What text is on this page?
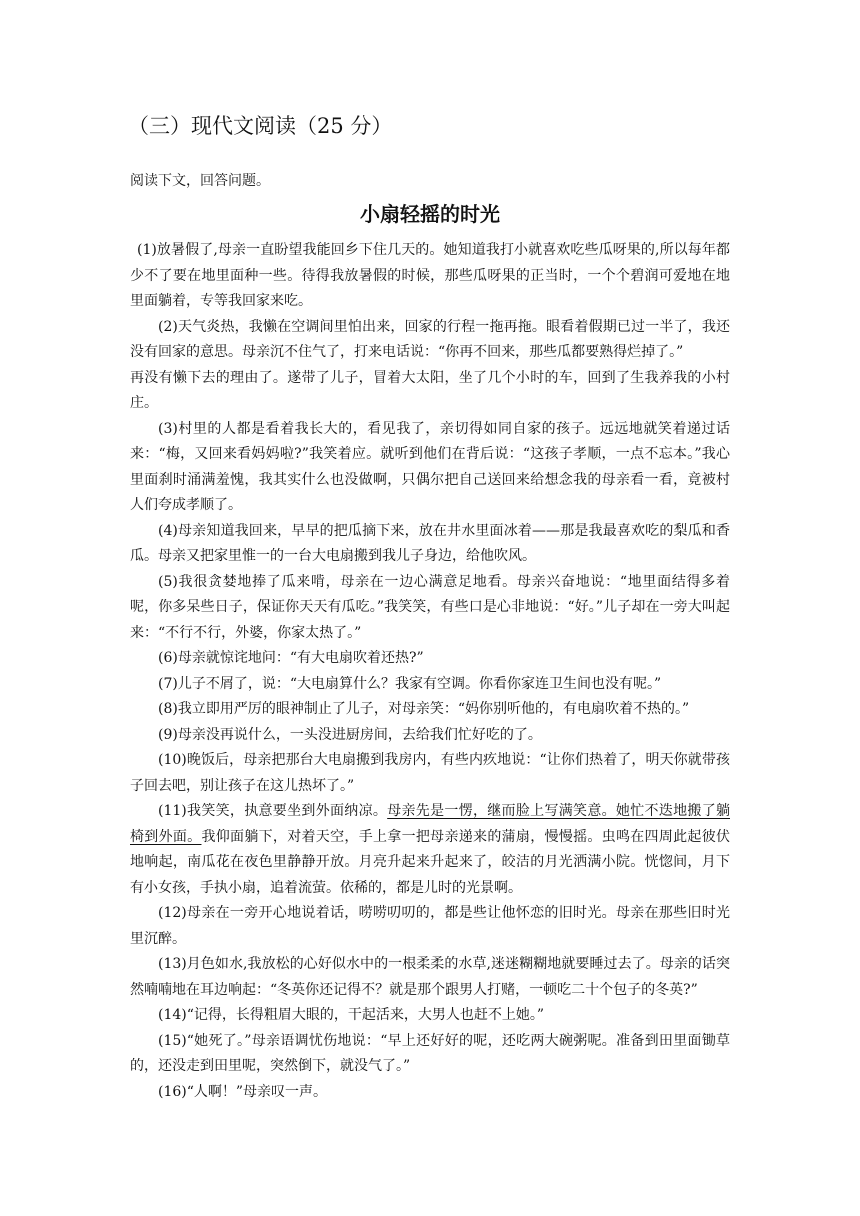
（三）现代文阅读（25 分）
阅读下文，回答问题。
小扇轻摇的时光

(1)放暑假了,母亲一直盼望我能回乡下住几天的。她知道我打小就喜欢吃些瓜呀果的,所以每年都少不了要在地里面种一些。待得我放暑假的时候，那些瓜呀果的正当时，一个个碧润可爱地在地里面躺着，专等我回家来吃。

(2)天气炎热，我懒在空调间里怕出来，回家的行程一拖再拖。眼看着假期已过一半了，我还没有回家的意思。母亲沉不住气了，打来电话说：“你再不回来，那些瓜都要熟得烂掉了。”

再没有懒下去的理由了。遂带了儿子，冒着大太阳，坐了几个小时的车，回到了生我养我的小村庄。

(3)村里的人都是看着我长大的，看见我了，亲切得如同自家的孩子。远远地就笑着递过话来：“梅，又回来看妈妈啦?”我笑着应。就听到他们在背后说：“这孩子孝顺，一点不忘本。”我心里面刹时涌满羞愧，我其实什么也没做啊，只偶尔把自己送回来给想念我的母亲看一看，竟被村人们夸成孝顺了。

(4)母亲知道我回来，早早的把瓜摘下来，放在井水里面冰着——那是我最喜欢吃的梨瓜和香瓜。母亲又把家里惟一的一台大电扇搬到我儿子身边，给他吹风。

(5)我很贪婪地捧了瓜来啃，母亲在一边心满意足地看。母亲兴奋地说：“地里面结得多着呢，你多呆些日子，保证你天天有瓜吃。”我笑笑，有些口是心非地说：“好。”儿子却在一旁大叫起来：“不行不行，外婆，你家太热了。”

(6)母亲就惊诧地问：“有大电扇吹着还热?”

(7)儿子不屑了，说：“大电扇算什么？我家有空调。你看你家连卫生间也没有呢。”

(8)我立即用严厉的眼神制止了儿子，对母亲笑：“妈你别听他的，有电扇吹着不热的。”

(9)母亲没再说什么，一头没进厨房间，去给我们忙好吃的了。

(10)晚饭后，母亲把那台大电扇搬到我房内，有些内疚地说：“让你们热着了，明天你就带孩子回去吧，别让孩子在这儿热坏了。”

(11)我笑笑，执意要坐到外面纳凉。母亲先是一愣，继而脸上写满笑意。她忙不迭地搬了躺椅到外面。我仰面躺下，对着天空，手上拿一把母亲递来的蒲扇，慢慢摇。虫鸣在四周此起彼伏地响起，南瓜花在夜色里静静开放。月亮升起来升起来了，皎洁的月光洒满小院。恍惚间，月下有小女孩，手执小扇，追着流萤。依稀的，都是儿时的光景啊。

(12)母亲在一旁开心地说着话，唠唠叨叨的，都是些让他怀恋的旧时光。母亲在那些旧时光里沉醉。

(13)月色如水,我放松的心好似水中的一根柔柔的水草,迷迷糊糊地就要睡过去了。母亲的话突然喃喃地在耳边响起：“冬英你还记得不？就是那个跟男人打赌，一顿吃二十个包子的冬英?”

(14)“记得，长得粗眉大眼的，干起活来，大男人也赶不上她。”

(15)“她死了。”母亲语调忧伤地说：“早上还好好的呢，还吃两大碗粥呢。准备到田里面锄草的，还没走到田里呢，突然倒下，就没气了。”

(16)“人啊！”母亲叹一声。
